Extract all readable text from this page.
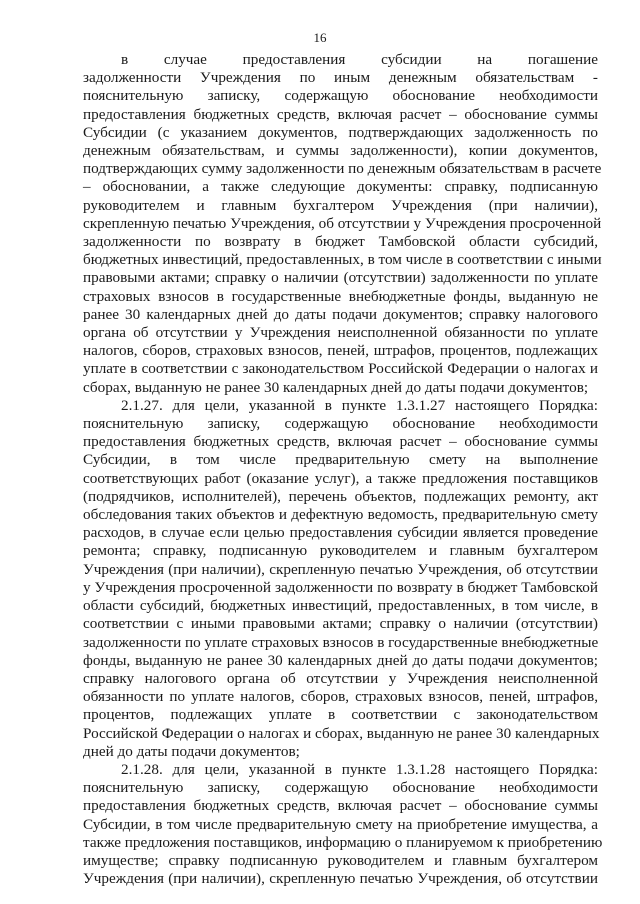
16
в случае предоставления субсидии на погашение
задолженности Учреждения по иным денежным обязательствам -
пояснительную записку, содержащую обоснование необходимости
предоставления бюджетных средств, включая расчет – обоснование суммы
Субсидии (с указанием документов, подтверждающих задолженность по
денежным обязательствам, и суммы задолженности), копии документов,
подтверждающих сумму задолженности по денежным обязательствам в расчете
– обосновании, а также следующие документы: справку, подписанную
руководителем и главным бухгалтером Учреждения (при наличии),
скрепленную печатью Учреждения, об отсутствии у Учреждения просроченной
задолженности по возврату в бюджет Тамбовской области субсидий,
бюджетных инвестиций, предоставленных, в том числе в соответствии с иными
правовыми актами; справку о наличии (отсутствии) задолженности по уплате
страховых взносов в государственные внебюджетные фонды, выданную не
ранее 30 календарных дней до даты подачи документов; справку налогового
органа об отсутствии у Учреждения неисполненной обязанности по уплате
налогов, сборов, страховых взносов, пеней, штрафов, процентов, подлежащих
уплате в соответствии с законодательством Российской Федерации о налогах и
сборах, выданную не ранее 30 календарных дней до даты подачи документов;
2.1.27. для цели, указанной в пункте 1.3.1.27 настоящего Порядка:
пояснительную записку, содержащую обоснование необходимости
предоставления бюджетных средств, включая расчет – обоснование суммы
Субсидии, в том числе предварительную смету на выполнение
соответствующих работ (оказание услуг), а также предложения поставщиков
(подрядчиков, исполнителей), перечень объектов, подлежащих ремонту, акт
обследования таких объектов и дефектную ведомость, предварительную смету
расходов, в случае если целью предоставления субсидии является проведение
ремонта; справку, подписанную руководителем и главным бухгалтером
Учреждения (при наличии), скрепленную печатью Учреждения, об отсутствии
у Учреждения просроченной задолженности по возврату в бюджет Тамбовской
области субсидий, бюджетных инвестиций, предоставленных, в том числе, в
соответствии с иными правовыми актами; справку о наличии (отсутствии)
задолженности по уплате страховых взносов в государственные внебюджетные
фонды, выданную не ранее 30 календарных дней до даты подачи документов;
справку налогового органа об отсутствии у Учреждения неисполненной
обязанности по уплате налогов, сборов, страховых взносов, пеней, штрафов,
процентов, подлежащих уплате в соответствии с законодательством
Российской Федерации о налогах и сборах, выданную не ранее 30 календарных
дней до даты подачи документов;
2.1.28. для цели, указанной в пункте 1.3.1.28 настоящего Порядка:
пояснительную записку, содержащую обоснование необходимости
предоставления бюджетных средств, включая расчет – обоснование суммы
Субсидии, в том числе предварительную смету на приобретение имущества, а
также предложения поставщиков, информацию о планируемом к приобретению
имуществе; справку подписанную руководителем и главным бухгалтером
Учреждения (при наличии), скрепленную печатью Учреждения, об отсутствии
